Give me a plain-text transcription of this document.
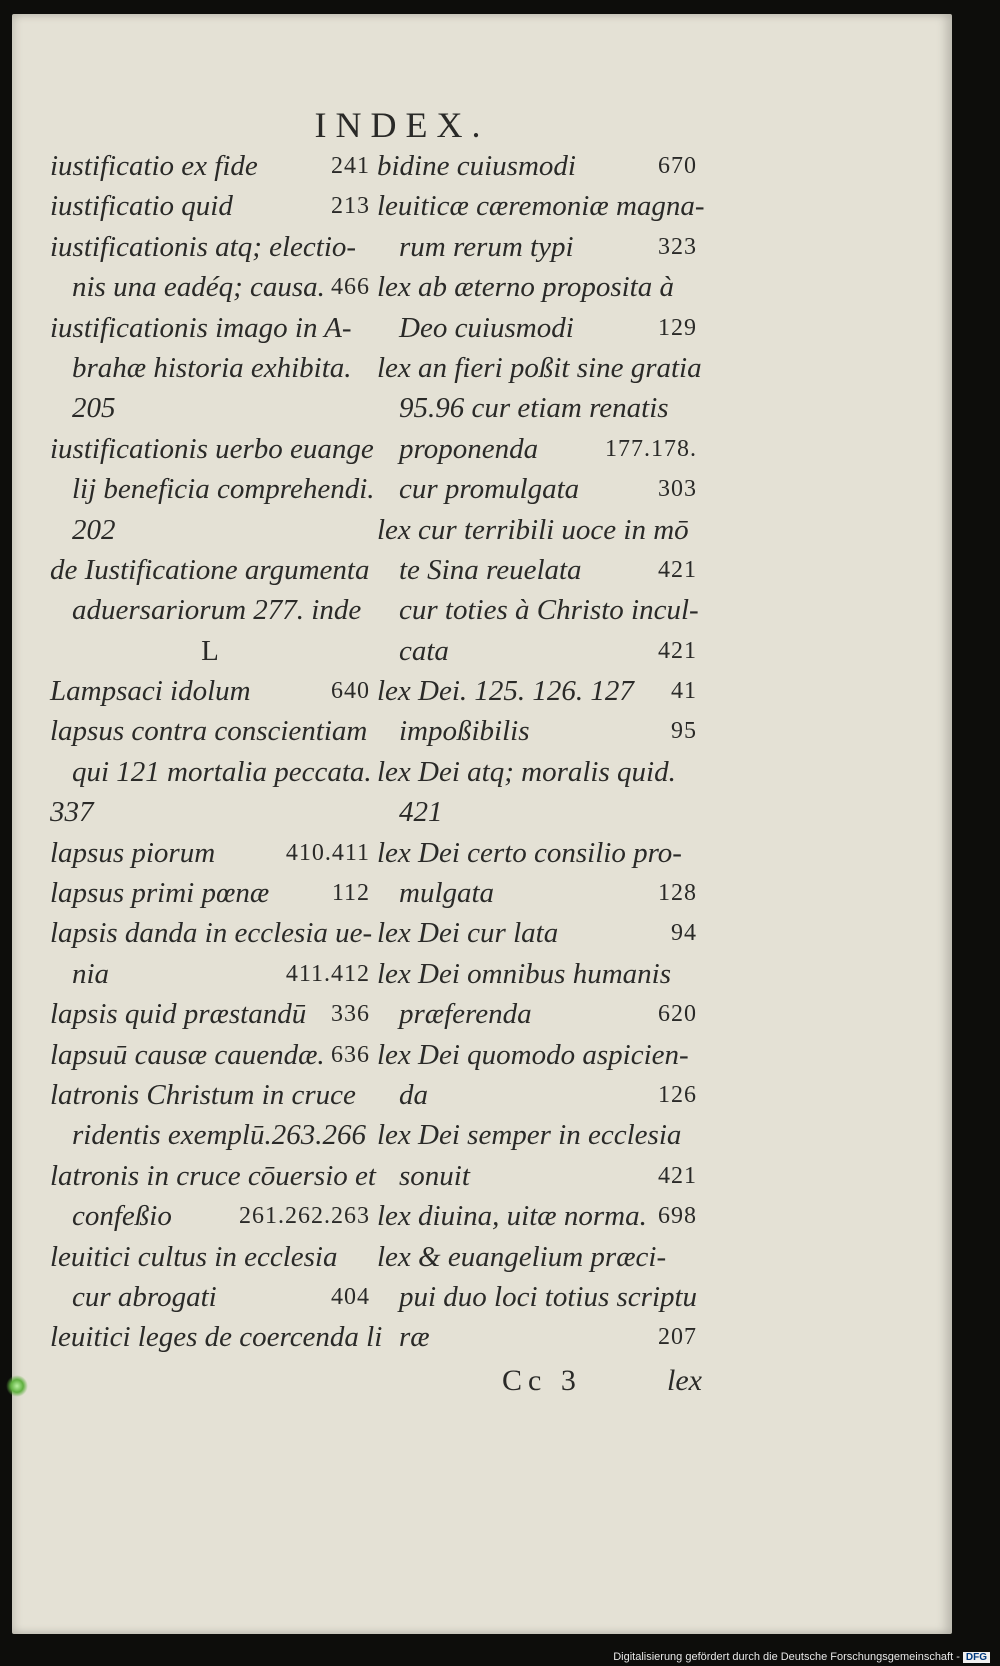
INDEX.
iustificatio ex fide	241
iustificatio quid	213
iustificationis atq; electio-
nis una eadéq; causa. 466
iustificationis imago in A-
brahæ historia exhibita.
205
iustificationis uerbo euange
lij beneficia comprehendi.
202
de Iustificatione argumenta
aduersariorum 277. inde
L
Lampsaci idolum	640
lapsus contra conscientiam
qui 121 mortalia peccata.
337
lapsus piorum	410.411
lapsus primi pœnæ	112
lapsis danda in ecclesia ue-
nia	411.412
lapsis quid præstandū 336
lapsuū causæ cauendæ. 636
latronis Christum in cruce
ridentis exemplū.263.266
latronis in cruce cōuersio et
confeßio	261.262.263
leuitici cultus in ecclesia
cur abrogati	404
leuitici leges de coercenda li
bidine cuiusmodi	670
leuiticæ cæremoniæ magna-
rum rerum typi	323
lex ab æterno proposita à
Deo cuiusmodi	129
lex an fieri poßit sine gratia
95.96 cur etiam renatis
proponenda	177.178.
cur promulgata	303
lex cur terribili uoce in mō
te Sina reuelata	421
cur toties à Christo incul-
cata	421
lex Dei. 125. 126. 127 41
impoßibilis	95
lex Dei atq; moralis quid.
421
lex Dei certo consilio pro-
mulgata	128
lex Dei cur lata	94
lex Dei omnibus humanis
præferenda	620
lex Dei quomodo aspicien-
da	126
lex Dei semper in ecclesia
sonuit	421
lex diuina, uitæ norma. 698
lex & euangelium præci-
pui duo loci totius scriptu
ræ	207
Cc 3	lex
Digitalisierung gefördert durch die Deutsche Forschungsgemeinschaft - DFG
